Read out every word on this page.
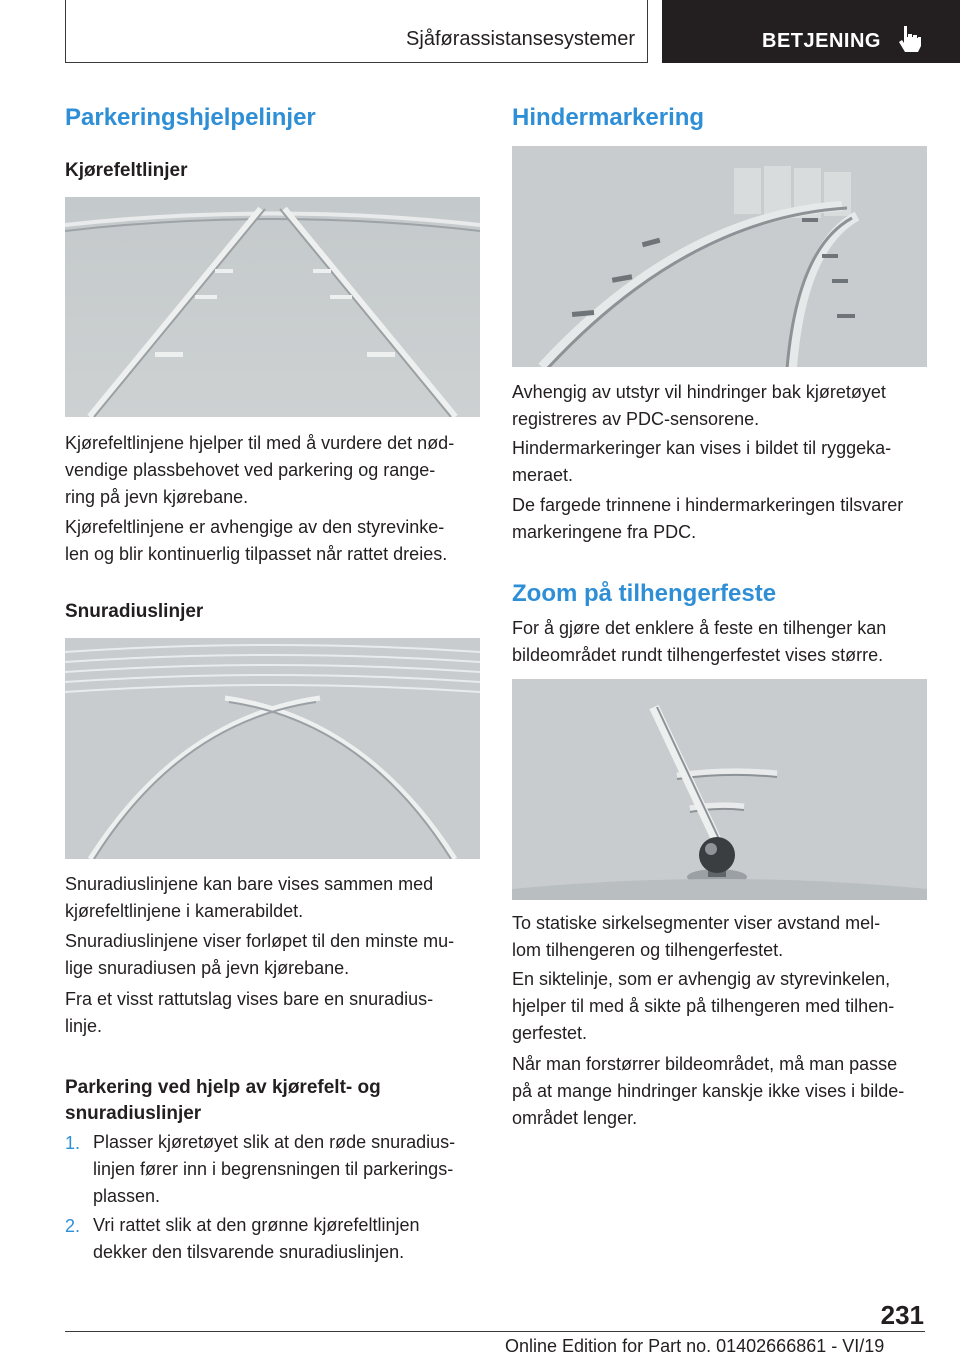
Sjåførassistansesystemer	BETJENING
Parkeringshjelpelinjer
Kjørefeltlinjer

Kjørefeltlinjene hjelper til med å vurdere det nød-
vendige plassbehovet ved parkering og range-
ring på jevn kjørebane.

Kjørefeltlinjene er avhengige av den styrevinke-
len og blir kontinuerlig tilpasset når rattet dreies.

Snuradiuslinjer

Snuradiuslinjene kan bare vises sammen med
kjørefeltlinjene i kamerabildet.

Snuradiuslinjene viser forløpet til den minste mu-
lige snuradiusen på jevn kjørebane.

Fra et visst rattutslag vises bare en snuradius-
linje.

Parkering ved hjelp av kjørefelt- og
snuradiuslinjer
1. Plasser kjøretøyet slik at den røde snuradius-
linjen fører inn i begrensningen til parkerings-
plassen.

2. Vri rattet slik at den grønne kjørefeltlinjen
dekker den tilsvarende snuradiuslinjen.

Hindermarkering

Avhengig av utstyr vil hindringer bak kjøretøyet
registreres av PDC-sensorene.

Hindermarkeringer kan vises i bildet til ryggeka-
meraet.

De fargede trinnene i hindermarkeringen tilsvarer
markeringene fra PDC.

Zoom på tilhengerfeste

For å gjøre det enklere å feste en tilhenger kan
bildeområdet rundt tilhengerfestet vises større.

To statiske sirkelsegmenter viser avstand mel-
lom tilhengeren og tilhengerfestet.

En siktelinje, som er avhengig av styrevinkelen,
hjelper til med å sikte på tilhengeren med tilhen-
gerfestet.

Når man forstørrer bildeområdet, må man passe
på at mange hindringer kanskje ikke vises i bilde-
området lenger.

231
Online Edition for Part no. 01402666861 - VI/19
